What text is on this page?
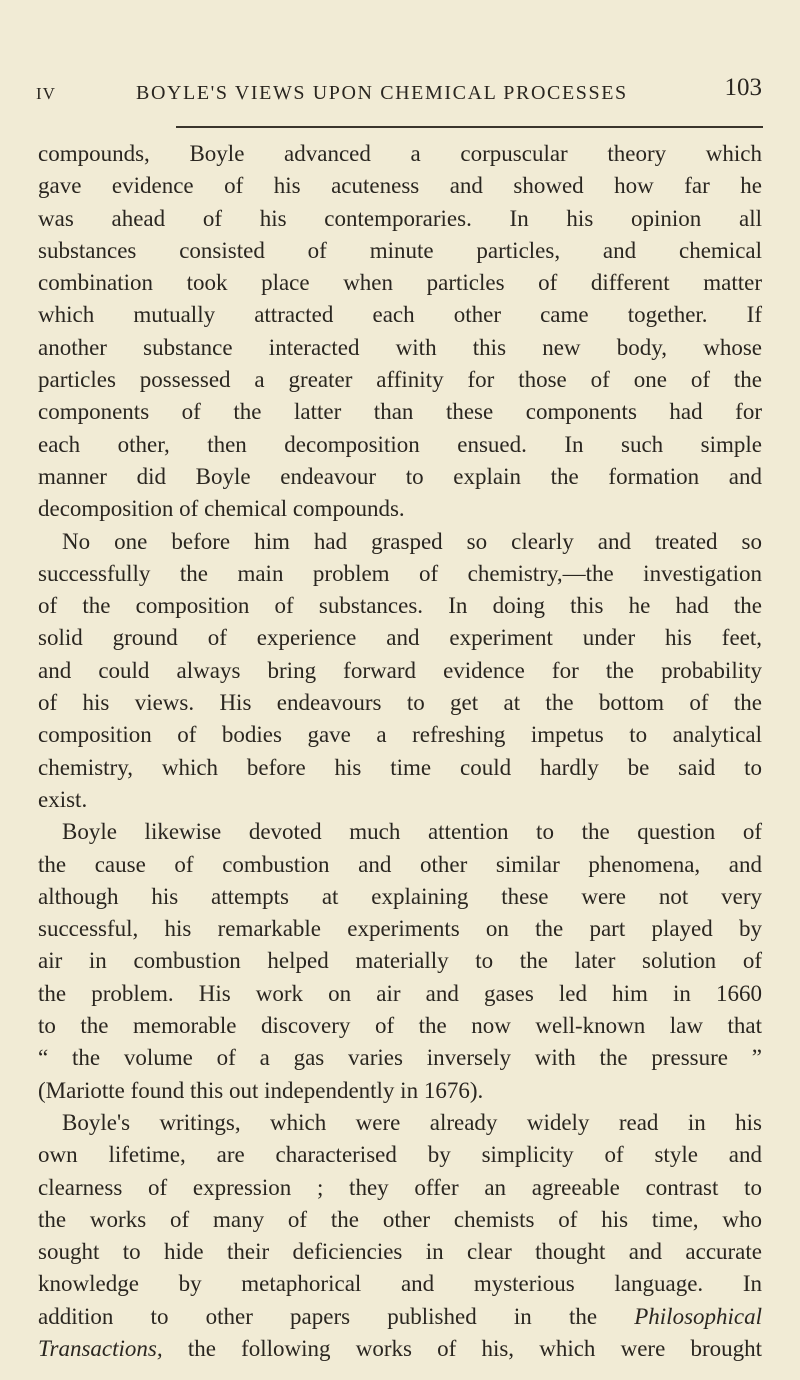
IV	BOYLE'S VIEWS UPON CHEMICAL PROCESSES	103
compounds, Boyle advanced a corpuscular theory which
gave evidence of his acuteness and showed how far he
was ahead of his contemporaries. In his opinion all
substances consisted of minute particles, and chemical
combination took place when particles of different matter
which mutually attracted each other came together. If
another substance interacted with this new body, whose
particles possessed a greater affinity for those of one of the
components of the latter than these components had for
each other, then decomposition ensued. In such simple
manner did Boyle endeavour to explain the formation and
decomposition of chemical compounds.
No one before him had grasped so clearly and treated so
successfully the main problem of chemistry,—the investigation
of the composition of substances. In doing this he had the
solid ground of experience and experiment under his feet,
and could always bring forward evidence for the probability
of his views. His endeavours to get at the bottom of the
composition of bodies gave a refreshing impetus to analytical
chemistry, which before his time could hardly be said to
exist.
Boyle likewise devoted much attention to the question of
the cause of combustion and other similar phenomena, and
although his attempts at explaining these were not very
successful, his remarkable experiments on the part played by
air in combustion helped materially to the later solution of
the problem. His work on air and gases led him in 1660
to the memorable discovery of the now well-known law that
“ the volume of a gas varies inversely with the pressure ”
(Mariotte found this out independently in 1676).
Boyle's writings, which were already widely read in his
own lifetime, are characterised by simplicity of style and
clearness of expression ; they offer an agreeable contrast to
the works of many of the other chemists of his time, who
sought to hide their deficiencies in clear thought and accurate
knowledge by metaphorical and mysterious language. In
addition to other papers published in the Philosophical
Transactions, the following works of his, which were brought
